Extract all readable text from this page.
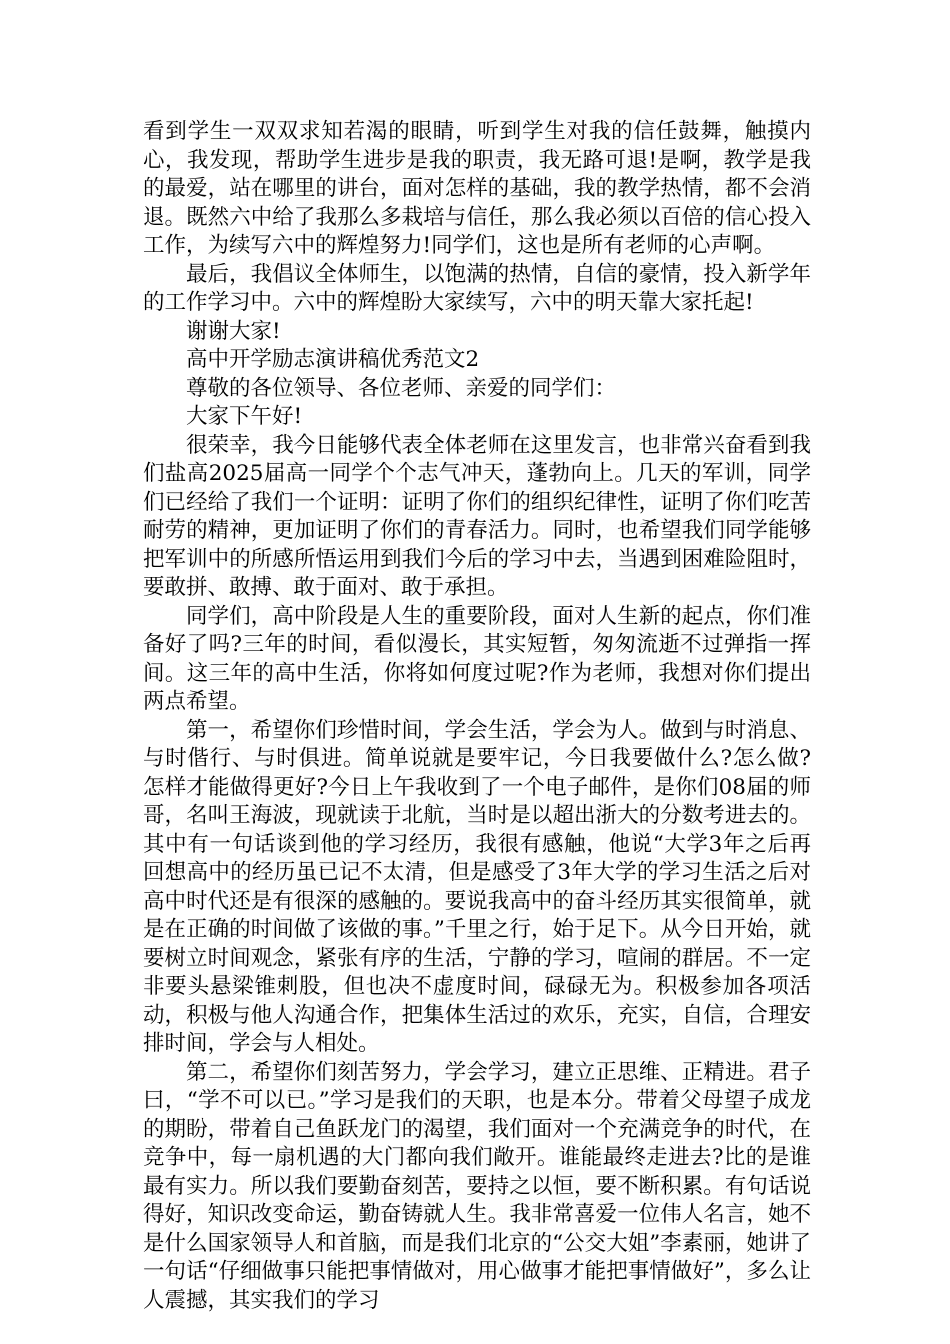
看到学生一双双求知若渴的眼睛，听到学生对我的信任鼓舞，触摸内心，我发现，帮助学生进步是我的职责，我无路可退!是啊，教学是我的最爱，站在哪里的讲台，面对怎样的基础，我的教学热情，都不会消退。既然六中给了我那么多栽培与信任，那么我必须以百倍的信心投入工作，为续写六中的辉煌努力!同学们，这也是所有老师的心声啊。

最后，我倡议全体师生，以饱满的热情，自信的豪情，投入新学年的工作学习中。六中的辉煌盼大家续写，六中的明天靠大家托起!

谢谢大家!

高中开学励志演讲稿优秀范文2

尊敬的各位领导、各位老师、亲爱的同学们：

大家下午好!

很荣幸，我今日能够代表全体老师在这里发言，也非常兴奋看到我们盐高2025届高一同学个个志气冲天，蓬勃向上。几天的军训，同学们已经给了我们一个证明：证明了你们的组织纪律性，证明了你们吃苦耐劳的精神，更加证明了你们的青春活力。同时，也希望我们同学能够把军训中的所感所悟运用到我们今后的学习中去，当遇到困难险阻时，要敢拼、敢搏、敢于面对、敢于承担。

同学们，高中阶段是人生的重要阶段，面对人生新的起点，你们准备好了吗?三年的时间，看似漫长，其实短暂，匆匆流逝不过弹指一挥间。这三年的高中生活，你将如何度过呢?作为老师，我想对你们提出两点希望。

第一，希望你们珍惜时间，学会生活，学会为人。做到与时消息、与时偕行、与时俱进。简单说就是要牢记，今日我要做什么?怎么做?怎样才能做得更好?今日上午我收到了一个电子邮件，是你们08届的师哥，名叫王海波，现就读于北航，当时是以超出浙大的分数考进去的。其中有一句话谈到他的学习经历，我很有感触，他说“大学3年之后再回想高中的经历虽已记不太清，但是感受了3年大学的学习生活之后对高中时代还是有很深的感触的。要说我高中的奋斗经历其实很简单，就是在正确的时间做了该做的事。”千里之行，始于足下。从今日开始，就要树立时间观念，紧张有序的生活，宁静的学习，喧闹的群居。不一定非要头悬梁锥刺股，但也决不虚度时间，碌碌无为。积极参加各项活动，积极与他人沟通合作，把集体生活过的欢乐，充实，自信，合理安排时间，学会与人相处。

第二，希望你们刻苦努力，学会学习，建立正思维、正精进。君子曰，“学不可以已。”学习是我们的天职，也是本分。带着父母望子成龙的期盼，带着自己鱼跃龙门的渴望，我们面对一个充满竞争的时代，在竞争中，每一扇机遇的大门都向我们敞开。谁能最终走进去?比的是谁最有实力。所以我们要勤奋刻苦，要持之以恒，要不断积累。有句话说得好，知识改变命运，勤奋铸就人生。我非常喜爱一位伟人名言，她不是什么国家领导人和首脑，而是我们北京的“公交大姐”李素丽，她讲了一句话“仔细做事只能把事情做对，用心做事才能把事情做好”，多么让人震撼，其实我们的学习
